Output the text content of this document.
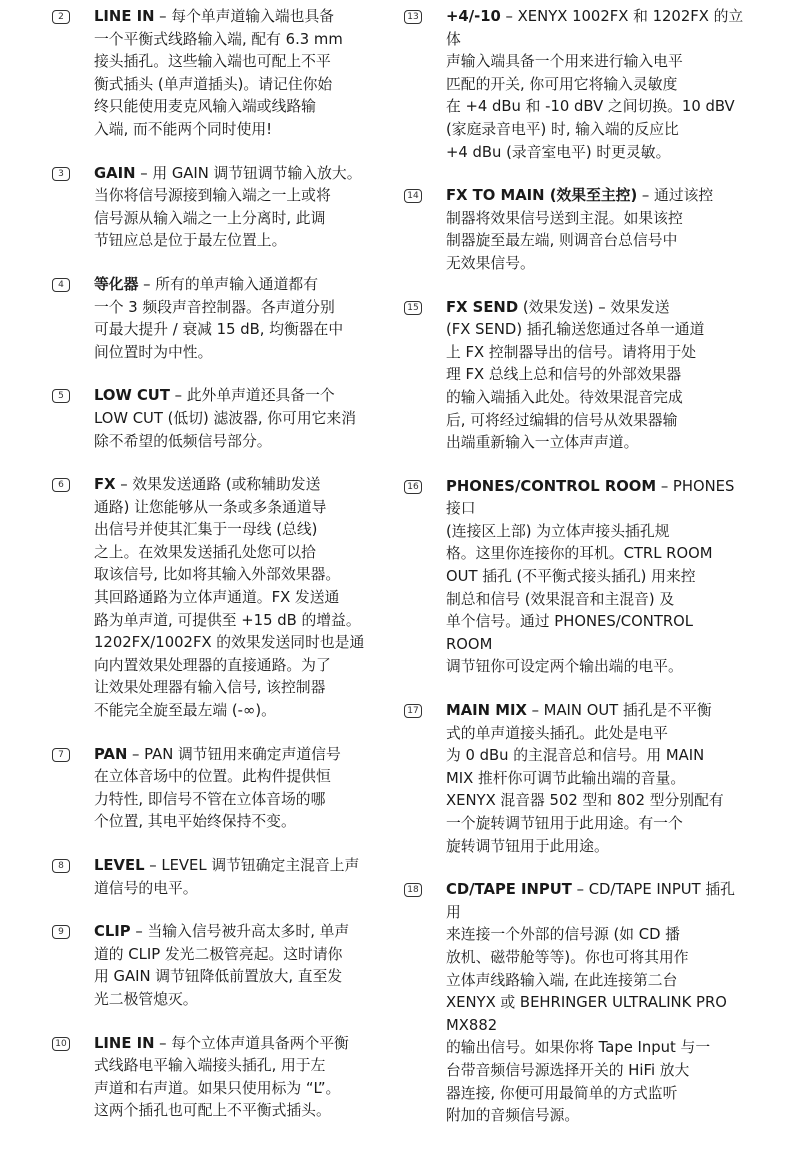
2	LINE IN – 每个单声道输入端也具备
一个平衡式线路输入端, 配有 6.3 mm
接头插孔。这些输入端也可配上不平
衡式插头 (单声道插头)。请记住你始
终只能使用麦克风输入端或线路输
入端, 而不能两个同时使用!
3	GAIN – 用 GAIN 调节钮调节输入放大。
当你将信号源接到输入端之一上或将
信号源从输入端之一上分离时, 此调
节钮应总是位于最左位置上。
4	等化器 – 所有的单声输入通道都有
一个 3 频段声音控制器。各声道分别
可最大提升 / 衰减 15 dB, 均衡器在中
间位置时为中性。
5	LOW CUT – 此外单声道还具备一个
LOW CUT (低切) 滤波器, 你可用它来消
除不希望的低频信号部分。
6	FX – 效果发送通路 (或称辅助发送
通路) 让您能够从一条或多条通道导
出信号并使其汇集于一母线 (总线)
之上。在效果发送插孔处您可以拾
取该信号, 比如将其输入外部效果器。
其回路通路为立体声通道。FX 发送通
路为单声道, 可提供至 +15 dB 的增益。
1202FX/1002FX 的效果发送同时也是通
向内置效果处理器的直接通路。为了
让效果处理器有输入信号, 该控制器
不能完全旋至最左端 (-∞)。
7	PAN – PAN 调节钮用来确定声道信号
在立体音场中的位置。此构件提供恒
力特性, 即信号不管在立体音场的哪
个位置, 其电平始终保持不变。
8	LEVEL – LEVEL 调节钮确定主混音上声
道信号的电平。
9	CLIP – 当输入信号被升高太多时, 单声
道的 CLIP 发光二极管亮起。这时请你
用 GAIN 调节钮降低前置放大, 直至发
光二极管熄灭。
10 LINE IN – 每个立体声道具备两个平衡
式线路电平输入端接头插孔, 用于左
声道和右声道。如果只使用标为 “L”。
这两个插孔也可配上不平衡式插头。
13 +4/-10 – XENYX 1002FX 和 1202FX 的立体
声输入端具备一个用来进行输入电平
匹配的开关, 你可用它将输入灵敏度
在 +4 dBu 和 -10 dBV 之间切换。10 dBV
(家庭录音电平) 时, 输入端的反应比
+4 dBu (录音室电平) 时更灵敏。
14 FX TO MAIN (效果至主控) – 通过该控
制器将效果信号送到主混。如果该控
制器旋至最左端, 则调音台总信号中
无效果信号。
15 FX SEND (效果发送) – 效果发送
(FX SEND) 插孔输送您通过各单一通道
上 FX 控制器导出的信号。请将用于处
理 FX 总线上总和信号的外部效果器
的输入端插入此处。待效果混音完成
后, 可将经过编辑的信号从效果器输
出端重新输入一立体声声道。
16 PHONES/CONTROL ROOM – PHONES 接口
(连接区上部) 为立体声接头插孔规
格。这里你连接你的耳机。CTRL ROOM
OUT 插孔 (不平衡式接头插孔) 用来控
制总和信号 (效果混音和主混音) 及
单个信号。通过 PHONES/CONTROL ROOM
调节钮你可设定两个输出端的电平。
17 MAIN MIX – MAIN OUT 插孔是不平衡
式的单声道接头插孔。此处是电平
为 0 dBu 的主混音总和信号。用 MAIN
MIX 推杆你可调节此输出端的音量。
XENYX 混音器 502 型和 802 型分别配有
一个旋转调节钮用于此用途。有一个
旋转调节钮用于此用途。
18 CD/TAPE INPUT – CD/TAPE INPUT 插孔用
来连接一个外部的信号源 (如 CD 播
放机、磁带舱等等)。你也可将其用作
立体声线路输入端, 在此连接第二台
XENYX 或 BEHRINGER ULTRALINK PRO MX882
的输出信号。如果你将 Tape Input 与一
台带音频信号源选择开关的 HiFi 放大
器连接, 你便可用最简单的方式监听
附加的音频信号源。
